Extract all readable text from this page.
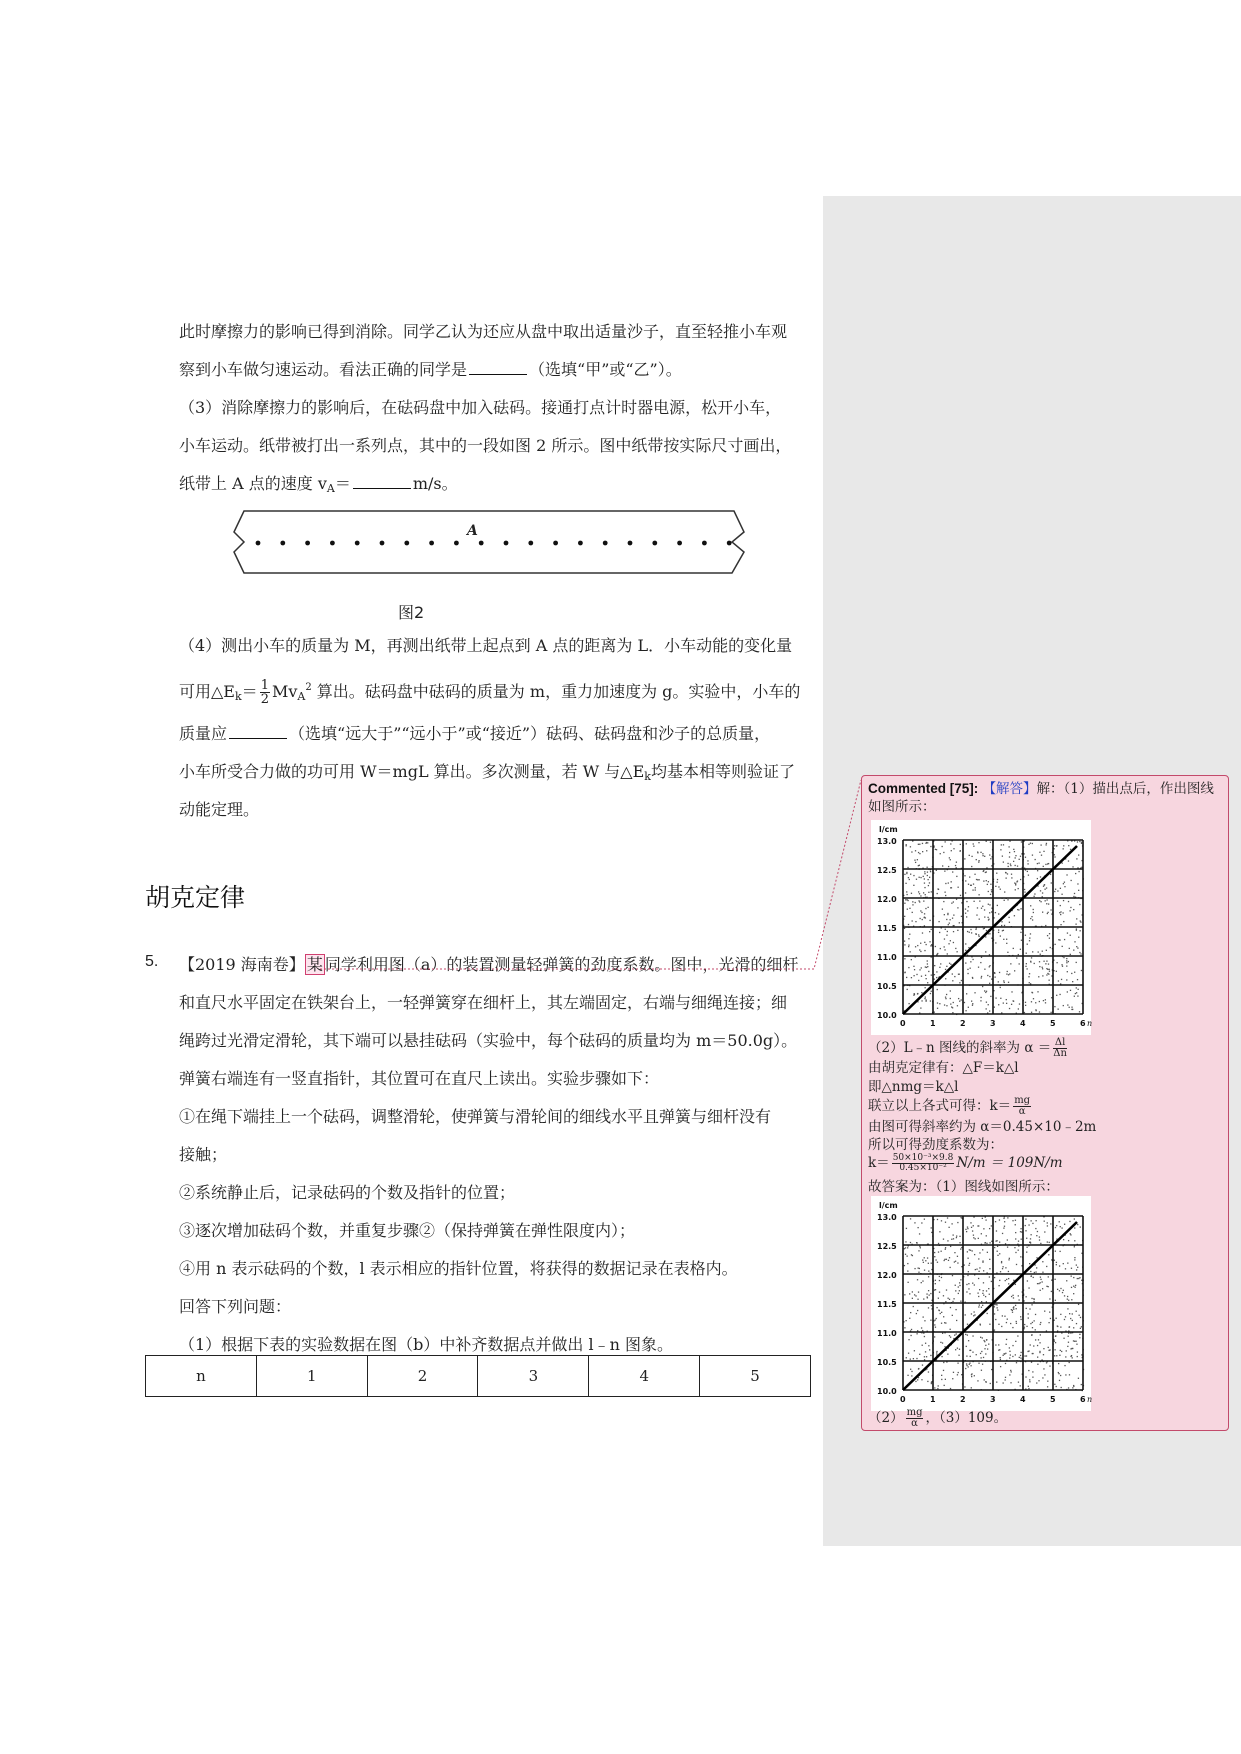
此时摩擦力的影响已得到消除。同学乙认为还应从盘中取出适量沙子，直至轻推小车观
察到小车做匀速运动。看法正确的同学是	（选填“甲”或“乙”）。
（3）消除摩擦力的影响后，在砝码盘中加入砝码。接通打点计时器电源，松开小车，
小车运动。纸带被打出一系列点，其中的一段如图 2 所示。图中纸带按实际尺寸画出，
纸带上 A 点的速度 $v_A=$	m/s。
A
图2
（4）测出小车的质量为 M，再测出纸带上起点到 A 点的距离为 L．小车动能的变化量
可用$\triangle E_k= \frac{1}{2} Mv_A^2$ 算出。砝码盘中砝码的质量为 m，重力加速度为 g。实验中，小车的
质量应	（选填“远大于”“远小于”或“接近”）砝码、砝码盘和沙子的总质量，
小车所受合力做的功可用 W＝mgL 算出。多次测量，若 W 与$\triangle E_k$均基本相等则验证了
动能定理。
胡克定律
5. 【2019 海南卷】 某 同学利用图（a）的装置测量轻弹簧的劲度系数。图中，光滑的细杆
和直尺水平固定在铁架台上，一轻弹簧穿在细杆上，其左端固定，右端与细绳连接；细
绳跨过光滑定滑轮，其下端可以悬挂砝码（实验中，每个砝码的质量均为 m＝50.0g）。
弹簧右端连有一竖直指针，其位置可在直尺上读出。实验步骤如下：
①在绳下端挂上一个砝码，调整滑轮，使弹簧与滑轮间的细线水平且弹簧与细杆没有
接触；
②系统静止后，记录砝码的个数及指针的位置；
③逐次增加砝码个数，并重复步骤②（保持弹簧在弹性限度内）；
④用 n 表示砝码的个数，l 表示相应的指针位置，将获得的数据记录在表格内。
回答下列问题：
（1）根据下表的实验数据在图（b）中补齐数据点并做出 l﹣n 图象。
n	1	2	3	4	5
Commented [75]: 【解答】解：（1）描出点后，作出图线如图所示：
l/cm
n
13.0
12.5
12.0
11.5
11.0
10.5
10.0
0	1	2	3	4	5	6
（2）L﹣n 图线的斜率为 $\alpha = \frac{\Delta l}{\Delta n}$
由胡克定律有：△F＝k△l
即△nmg＝k△l
联立以上各式可得：$k= \frac{mg}{\alpha}$
由图可得斜率约为 α＝0.45×10﹣2m
所以可得劲度系数为：
$k= \frac{\text{50×10⁻³×9.8}}{\text{0.45×10⁻²}} N/m = 109N/m$
故答案为：（1）图线如图所示：
l/cm
n
13.0
12.5
12.0
11.5
11.0
10.5
10.0
0	1	2	3	4	5	6
$(2) \frac{mg}{\alpha}$ ，（3）109。
